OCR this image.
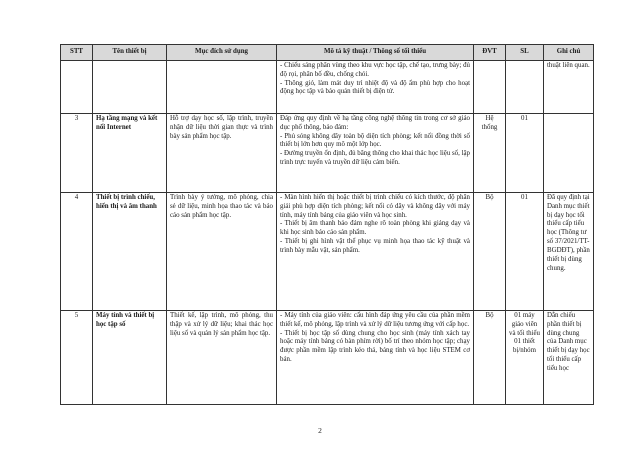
STT	Tên thiết bị	Mục đích sử dụng	Mô tả kỹ thuật / Thông số tối thiểu	ĐVT	SL	Ghi chú

			- Chiếu sáng phân vùng theo khu vực học tập, chế tạo, trưng bày; đủ độ rọi, phân bố đều, chống chói.
- Thông gió, làm mát duy trì nhiệt độ và độ ẩm phù hợp cho hoạt động học tập và bảo quản thiết bị điện tử.			thuật liên quan.
3	Hạ tầng mạng và kết nối Internet	Hỗ trợ dạy học số, lập trình, truyền nhận dữ liệu thời gian thực và trình bày sản phẩm học tập.	Đáp ứng quy định về hạ tầng công nghệ thông tin trong cơ sở giáo dục phổ thông, bảo đảm:
- Phủ sóng không dây toàn bộ diện tích phòng; kết nối đồng thời số thiết bị lớn hơn quy mô một lớp học.
- Đường truyền ổn định, đủ băng thông cho khai thác học liệu số, lập trình trực tuyến và truyền dữ liệu cảm biến.	Hệ thống	01	
4	Thiết bị trình chiếu, hiển thị và âm thanh	Trình bày ý tưởng, mô phỏng, chia sẻ dữ liệu, minh họa thao tác và báo cáo sản phẩm học tập.	- Màn hình hiển thị hoặc thiết bị trình chiếu có kích thước, độ phân giải phù hợp diện tích phòng; kết nối có dây và không dây với máy tính, máy tính bảng của giáo viên và học sinh.
- Thiết bị âm thanh bảo đảm nghe rõ toàn phòng khi giảng dạy và khi học sinh báo cáo sản phẩm.
- Thiết bị ghi hình vật thể phục vụ minh họa thao tác kỹ thuật và trình bày mẫu vật, sản phẩm.	Bộ	01	Đã quy định tại Danh mục thiết bị dạy học tối thiểu cấp tiểu học (Thông tư số 37/2021/TT-BGDĐT), phần thiết bị dùng chung.
5	Máy tính và thiết bị học tập số	Thiết kế, lập trình, mô phỏng, thu thập và xử lý dữ liệu; khai thác học liệu số và quản lý sản phẩm học tập.	- Máy tính của giáo viên: cấu hình đáp ứng yêu cầu của phần mềm thiết kế, mô phỏng, lập trình và xử lý dữ liệu tương ứng với cấp học.
- Thiết bị học tập số dùng chung cho học sinh (máy tính xách tay hoặc máy tính bảng có bàn phím rời) bố trí theo nhóm học tập; chạy được phần mềm lập trình kéo thả, bảng tính và học liệu STEM cơ bản.	Bộ	01 máy giáo viên và tối thiểu 01 thiết bị/nhóm	Dẫn chiếu phần thiết bị dùng chung của Danh mục thiết bị dạy học tối thiểu cấp tiểu học
2
